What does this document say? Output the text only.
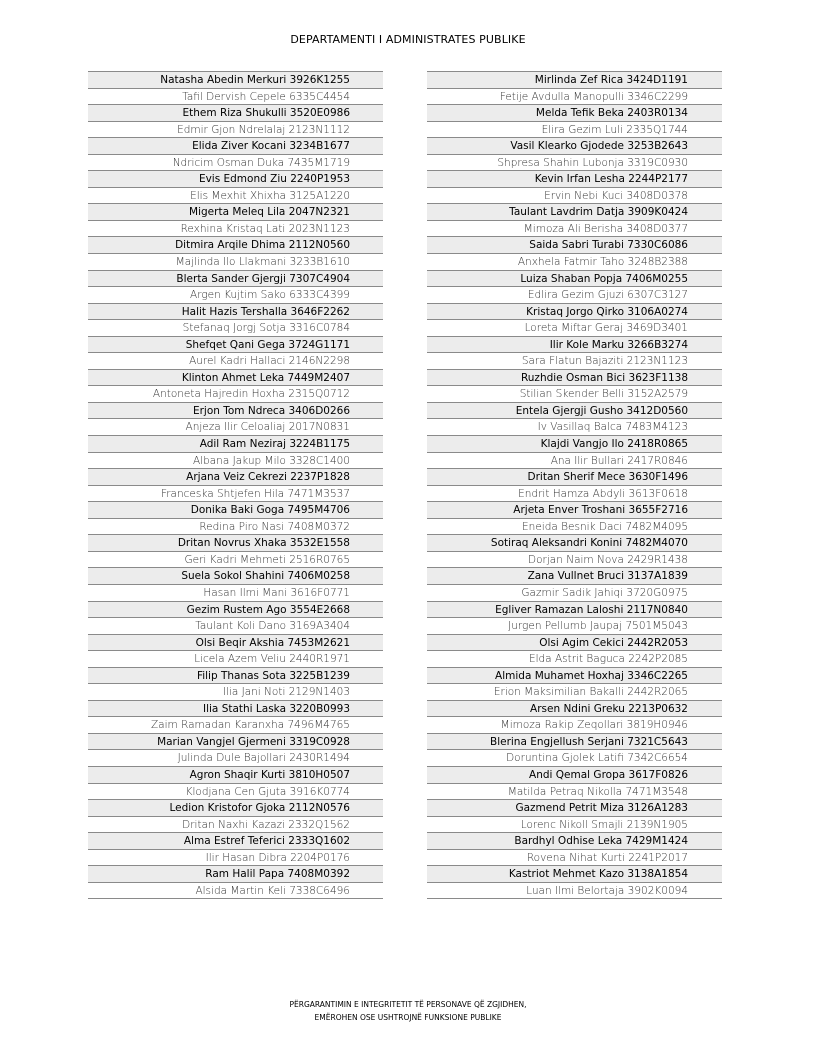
DEPARTAMENTI I ADMINISTRATES PUBLIKE
Natasha Abedin Merkuri 3926K1255
Tafil Dervish Cepele 6335C4454
Ethem Riza Shukulli 3520E0986
Edmir Gjon Ndrelalaj 2123N1112
Elida Ziver Kocani 3234B1677
Ndricim Osman Duka 7435M1719
Evis Edmond Ziu 2240P1953
Elis Mexhit Xhixha 3125A1220
Migerta Meleq Lila 2047N2321
Rexhina Kristaq Lati 2023N1123
Ditmira Arqile Dhima 2112N0560
Majlinda Ilo Llakmani 3233B1610
Blerta Sander Gjergji 7307C4904
Argen Kujtim Sako 6333C4399
Halit Hazis Tershalla 3646F2262
Stefanaq Jorgj Sotja 3316C0784
Shefqet Qani Gega 3724G1171
Aurel Kadri Hallaci 2146N2298
Klinton Ahmet Leka 7449M2407
Antoneta Hajredin Hoxha 2315Q0712
Erjon Tom Ndreca 3406D0266
Anjeza Ilir Celoaliaj 2017N0831
Adil Ram Neziraj 3224B1175
Albana Jakup Milo 3328C1400
Arjana Veiz Cekrezi 2237P1828
Franceska Shtjefen Hila 7471M3537
Donika Baki Goga 7495M4706
Redina Piro Nasi 7408M0372
Dritan Novrus Xhaka 3532E1558
Geri Kadri Mehmeti 2516R0765
Suela Sokol Shahini 7406M0258
Hasan Ilmi Mani 3616F0771
Gezim Rustem Ago 3554E2668
Taulant Koli Dano 3169A3404
Olsi Beqir Akshia 7453M2621
Licela Azem Veliu 2440R1971
Filip Thanas Sota 3225B1239
Ilia Jani Noti 2129N1403
Ilia Stathi Laska 3220B0993
Zaim Ramadan Karanxha 7496M4765
Marian Vangjel Gjermeni 3319C0928
Julinda Dule Bajollari 2430R1494
Agron Shaqir Kurti 3810H0507
Klodjana Cen Gjuta 3916K0774
Ledion Kristofor Gjoka 2112N0576
Dritan Naxhi Kazazi 2332Q1562
Alma Estref Teferici 2333Q1602
Ilir Hasan Dibra 2204P0176
Ram Halil Papa 7408M0392
Alsida Martin Keli 7338C6496
Mirlinda Zef Rica 3424D1191
Fetije Avdulla Manopulli 3346C2299
Melda Tefik Beka 2403R0134
Elira Gezim Luli 2335Q1744
Vasil Klearko Gjodede 3253B2643
Shpresa Shahin Lubonja 3319C0930
Kevin Irfan Lesha 2244P2177
Ervin Nebi Kuci 3408D0378
Taulant Lavdrim Datja 3909K0424
Mimoza Ali Berisha 3408D0377
Saida Sabri Turabi 7330C6086
Anxhela Fatmir Taho 3248B2388
Luiza Shaban Popja 7406M0255
Edlira Gezim Gjuzi 6307C3127
Kristaq Jorgo Qirko 3106A0274
Loreta Miftar Geraj 3469D3401
Ilir Kole Marku 3266B3274
Sara Flatun Bajaziti 2123N1123
Ruzhdie Osman Bici 3623F1138
Stilian Skender Belli 3152A2579
Entela Gjergji Gusho 3412D0560
Iv Vasillaq Balca 7483M4123
Klajdi Vangjo Ilo 2418R0865
Ana Ilir Bullari 2417R0846
Dritan Sherif Mece 3630F1496
Endrit Hamza Abdyli 3613F0618
Arjeta Enver Troshani 3655F2716
Eneida Besnik Daci 7482M4095
Sotiraq Aleksandri Konini 7482M4070
Dorjan Naim Nova 2429R1438
Zana Vullnet Bruci 3137A1839
Gazmir Sadik Jahiqi 3720G0975
Egliver Ramazan Laloshi 2117N0840
Jurgen Pellumb Jaupaj 7501M5043
Olsi Agim Cekici 2442R2053
Elda Astrit Baguca 2242P2085
Almida Muhamet Hoxhaj 3346C2265
Erion Maksimilian Bakalli 2442R2065
Arsen Ndini Greku 2213P0632
Mimoza Rakip Zeqollari 3819H0946
Blerina Engjellush Serjani 7321C5643
Doruntina Gjolek Latifi 7342C6654
Andi Qemal Gropa 3617F0826
Matilda Petraq Nikolla 7471M3548
Gazmend Petrit Miza 3126A1283
Lorenc Nikoll Smajli 2139N1905
Bardhyl Odhise Leka 7429M1424
Rovena Nihat Kurti 2241P2017
Kastriot Mehmet Kazo 3138A1854
Luan Ilmi Belortaja 3902K0094
PËRGARANTIMIN E INTEGRITETIT TË PERSONAVE QË ZGJIDHEN,
EMËROHEN OSE USHTROJNË FUNKSIONE PUBLIKE
